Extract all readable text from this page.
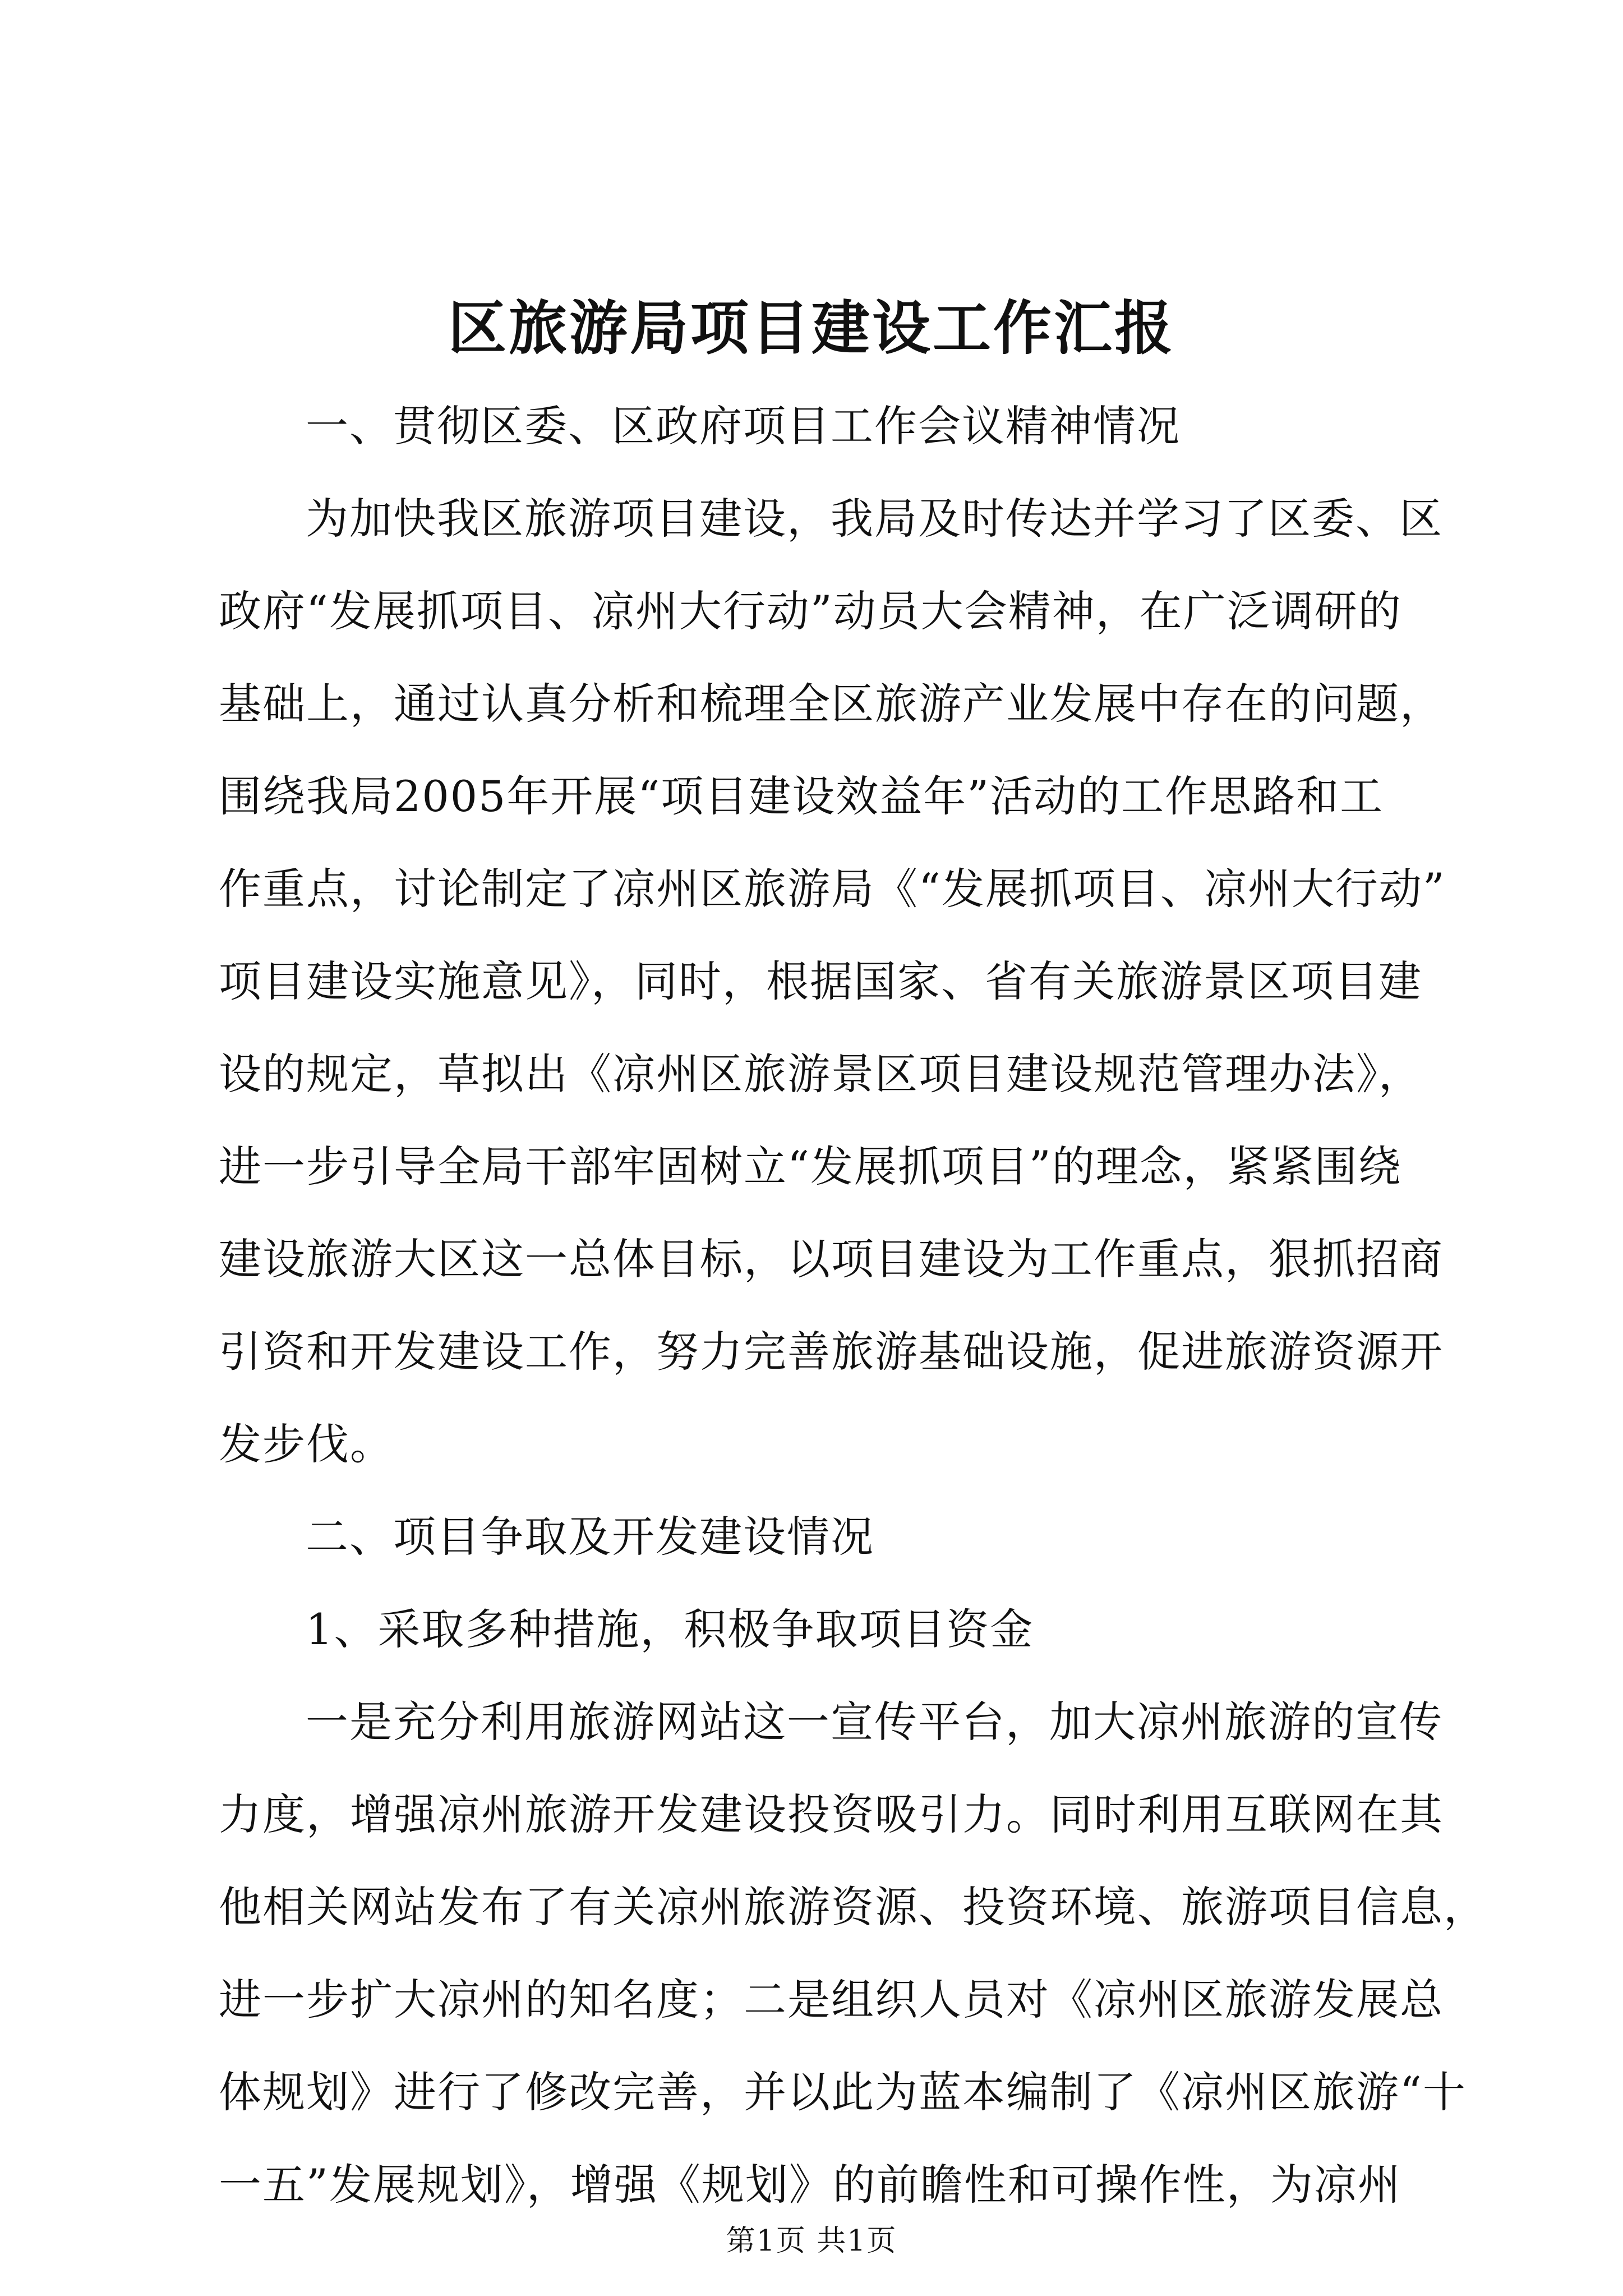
区旅游局项目建设工作汇报
一、贯彻区委、区政府项目工作会议精神情况
为加快我区旅游项目建设，我局及时传达并学习了区委、区
政府“发展抓项目、凉州大行动”动员大会精神，在广泛调研的
基础上，通过认真分析和梳理全区旅游产业发展中存在的问题，
围绕我局2005年开展“项目建设效益年”活动的工作思路和工
作重点，讨论制定了凉州区旅游局《“发展抓项目、凉州大行动”
项目建设实施意见》，同时，根据国家、省有关旅游景区项目建
设的规定，草拟出《凉州区旅游景区项目建设规范管理办法》，
进一步引导全局干部牢固树立“发展抓项目”的理念，紧紧围绕
建设旅游大区这一总体目标，以项目建设为工作重点，狠抓招商
引资和开发建设工作，努力完善旅游基础设施，促进旅游资源开
发步伐。
二、项目争取及开发建设情况
1、采取多种措施，积极争取项目资金
一是充分利用旅游网站这一宣传平台，加大凉州旅游的宣传
力度，增强凉州旅游开发建设投资吸引力。同时利用互联网在其
他相关网站发布了有关凉州旅游资源、投资环境、旅游项目信息，
进一步扩大凉州的知名度；二是组织人员对《凉州区旅游发展总
体规划》进行了修改完善，并以此为蓝本编制了《凉州区旅游“十
一五”发展规划》，增强《规划》的前瞻性和可操作性，为凉州
第1页 共1页
